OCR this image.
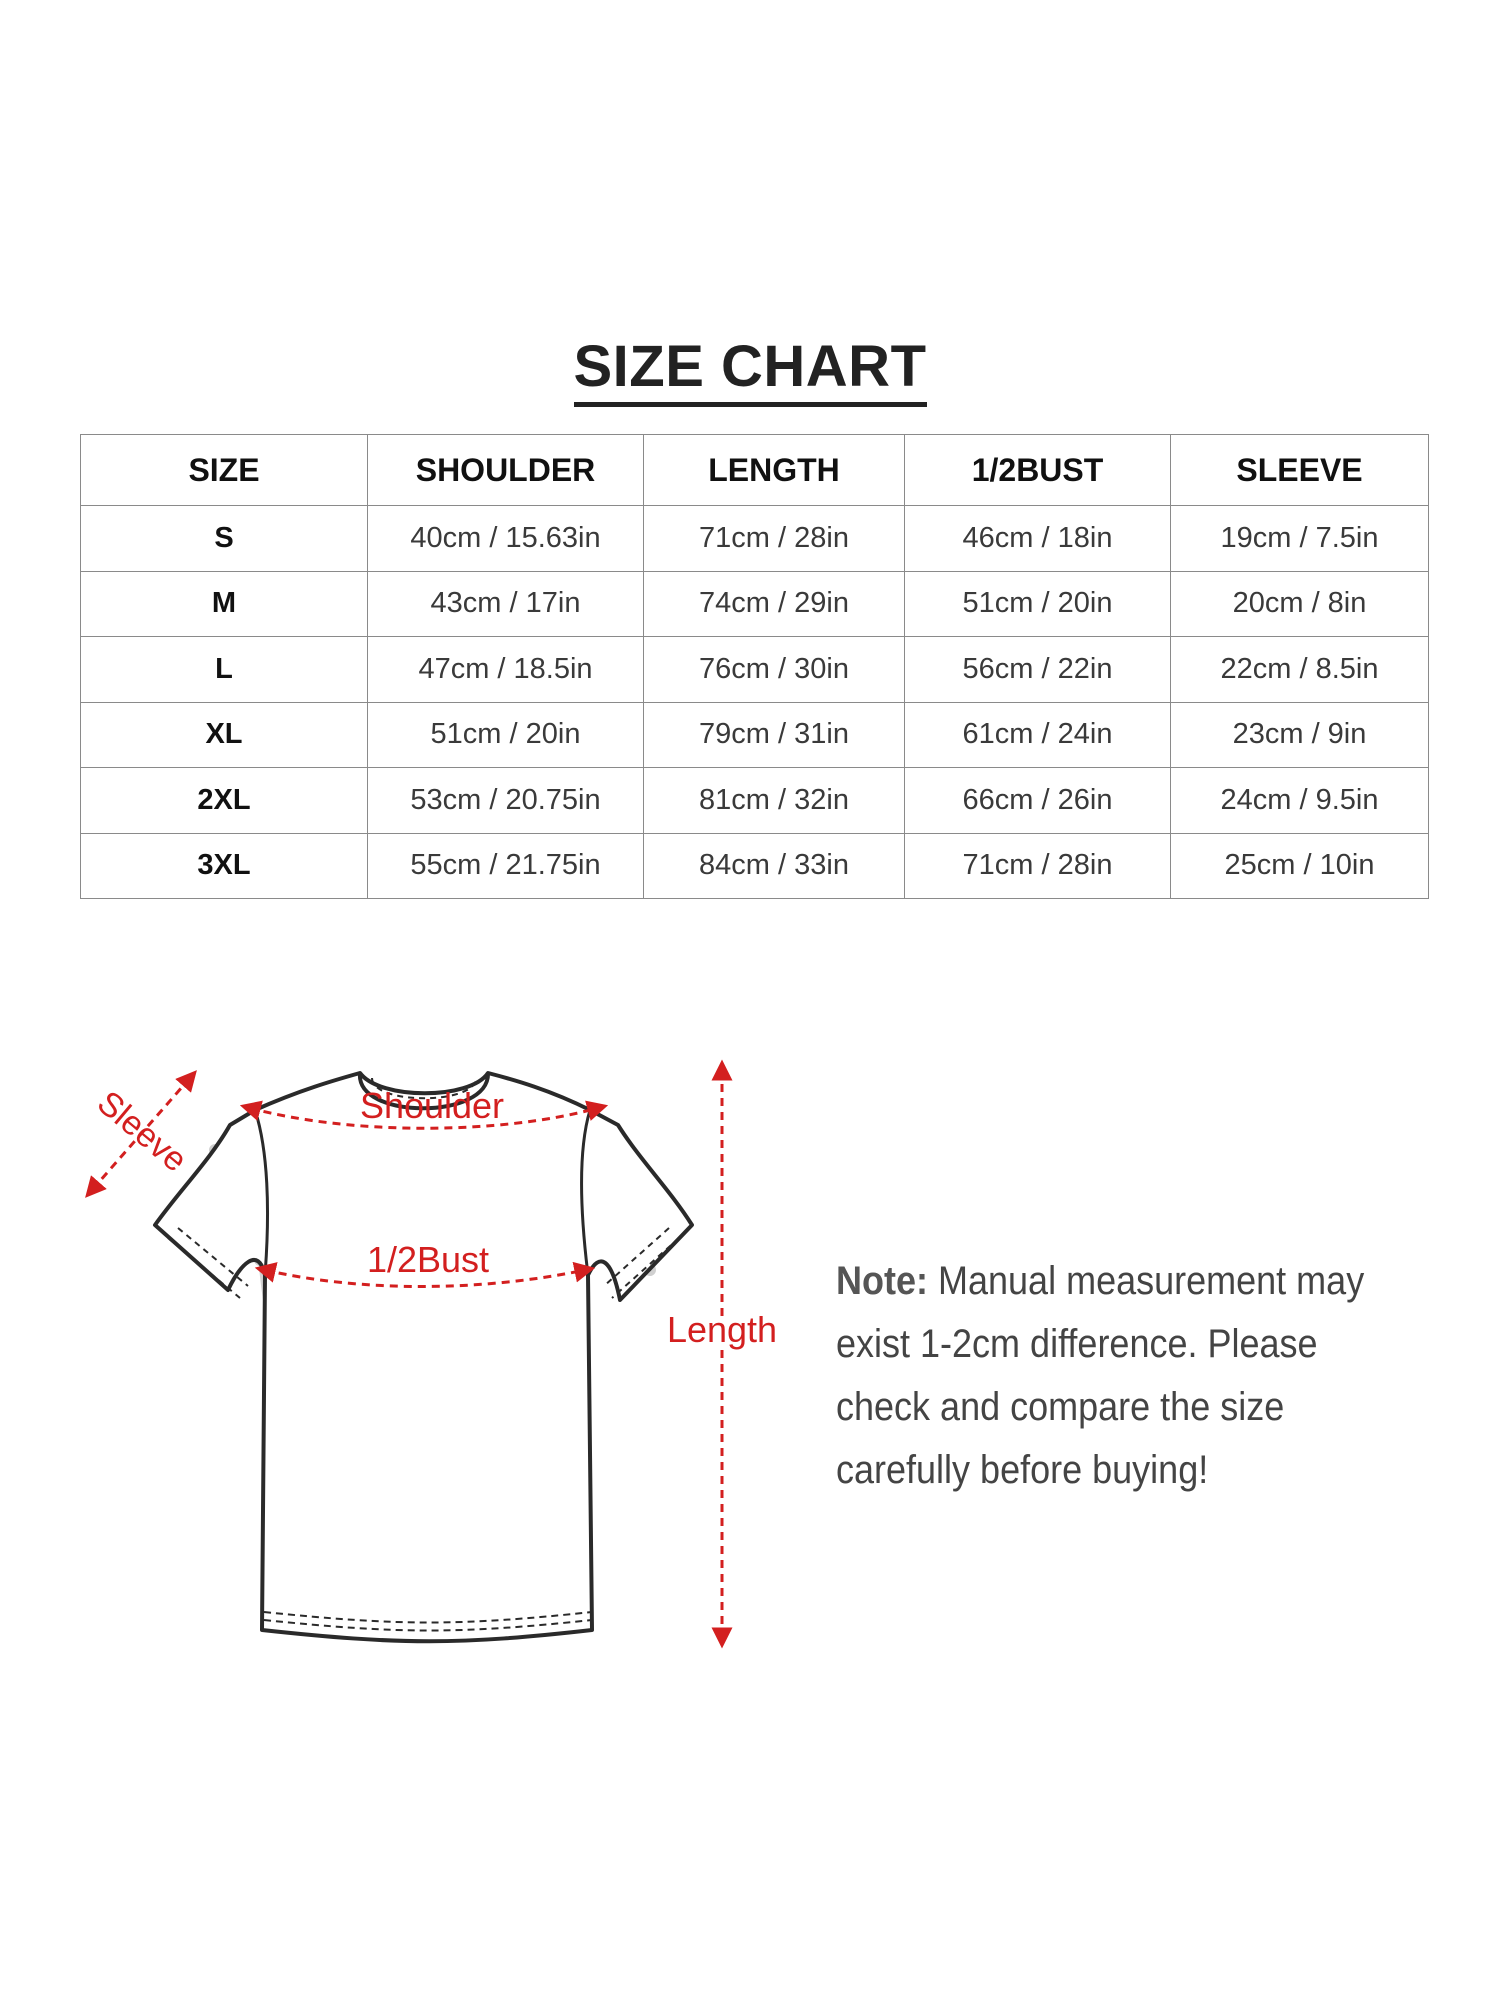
SIZE CHART
SIZE	SHOULDER	LENGTH	1/2BUST	SLEEVE
S	40cm / 15.63in	71cm / 28in	46cm / 18in	19cm / 7.5in
M	43cm / 17in	74cm / 29in	51cm / 20in	20cm / 8in
L	47cm / 18.5in	76cm / 30in	56cm / 22in	22cm / 8.5in
XL	51cm / 20in	79cm / 31in	61cm / 24in	23cm / 9in
2XL	53cm / 20.75in	81cm / 32in	66cm / 26in	24cm / 9.5in
3XL	55cm / 21.75in	84cm / 33in	71cm / 28in	25cm / 10in
Sleeve	Shoulder
1/2Bust
Length
Note: Manual measurement may exist 1-2cm difference. Please check and compare the size carefully before buying!
